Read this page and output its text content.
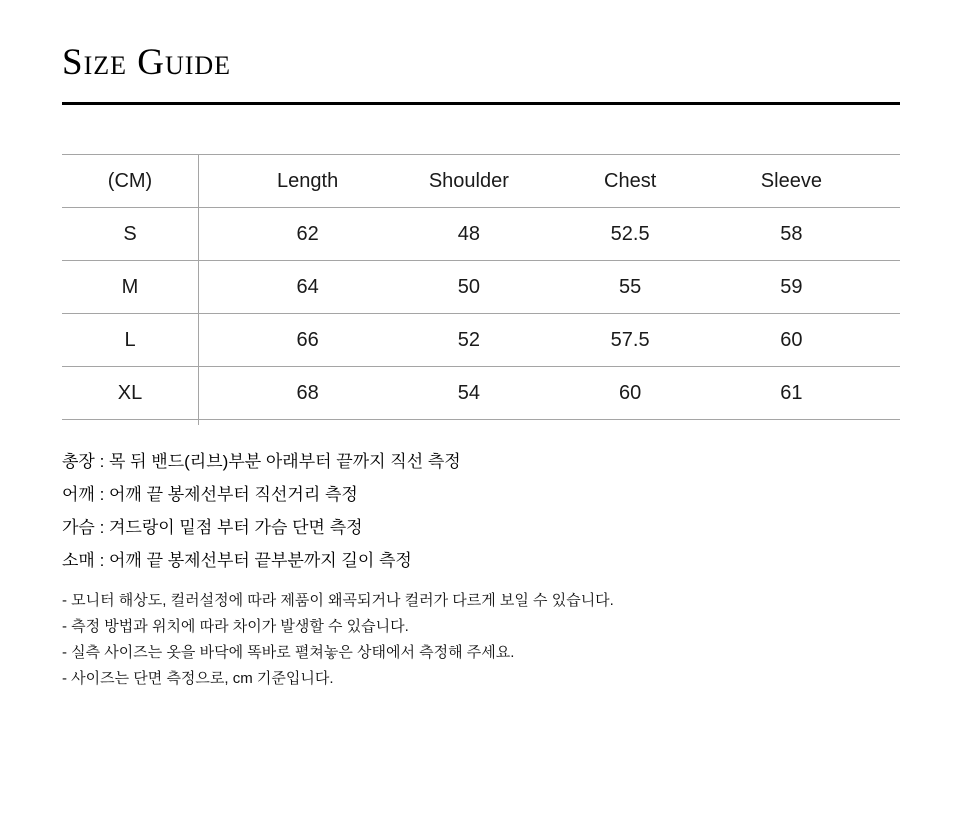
Size Guide
(CM)	Length	Shoulder	Chest	Sleeve
S	62	48	52.5	58
M	64	50	55	59
L	66	52	57.5	60
XL	68	54	60	61

총장 : 목 뒤 밴드(리브)부분 아래부터 끝까지 직선 측정

어깨 : 어깨 끝 봉제선부터 직선거리 측정

가슴 : 겨드랑이 밑점 부터 가슴 단면 측정

소매 : 어깨 끝 봉제선부터 끝부분까지 길이 측정

- 모니터 해상도, 컬러설정에 따라 제품이 왜곡되거나 컬러가 다르게 보일 수 있습니다.

- 측정 방법과 위치에 따라 차이가 발생할 수 있습니다.

- 실측 사이즈는 옷을 바닥에 똑바로 펼쳐놓은 상태에서 측정해 주세요.

- 사이즈는 단면 측정으로, cm 기준입니다.
